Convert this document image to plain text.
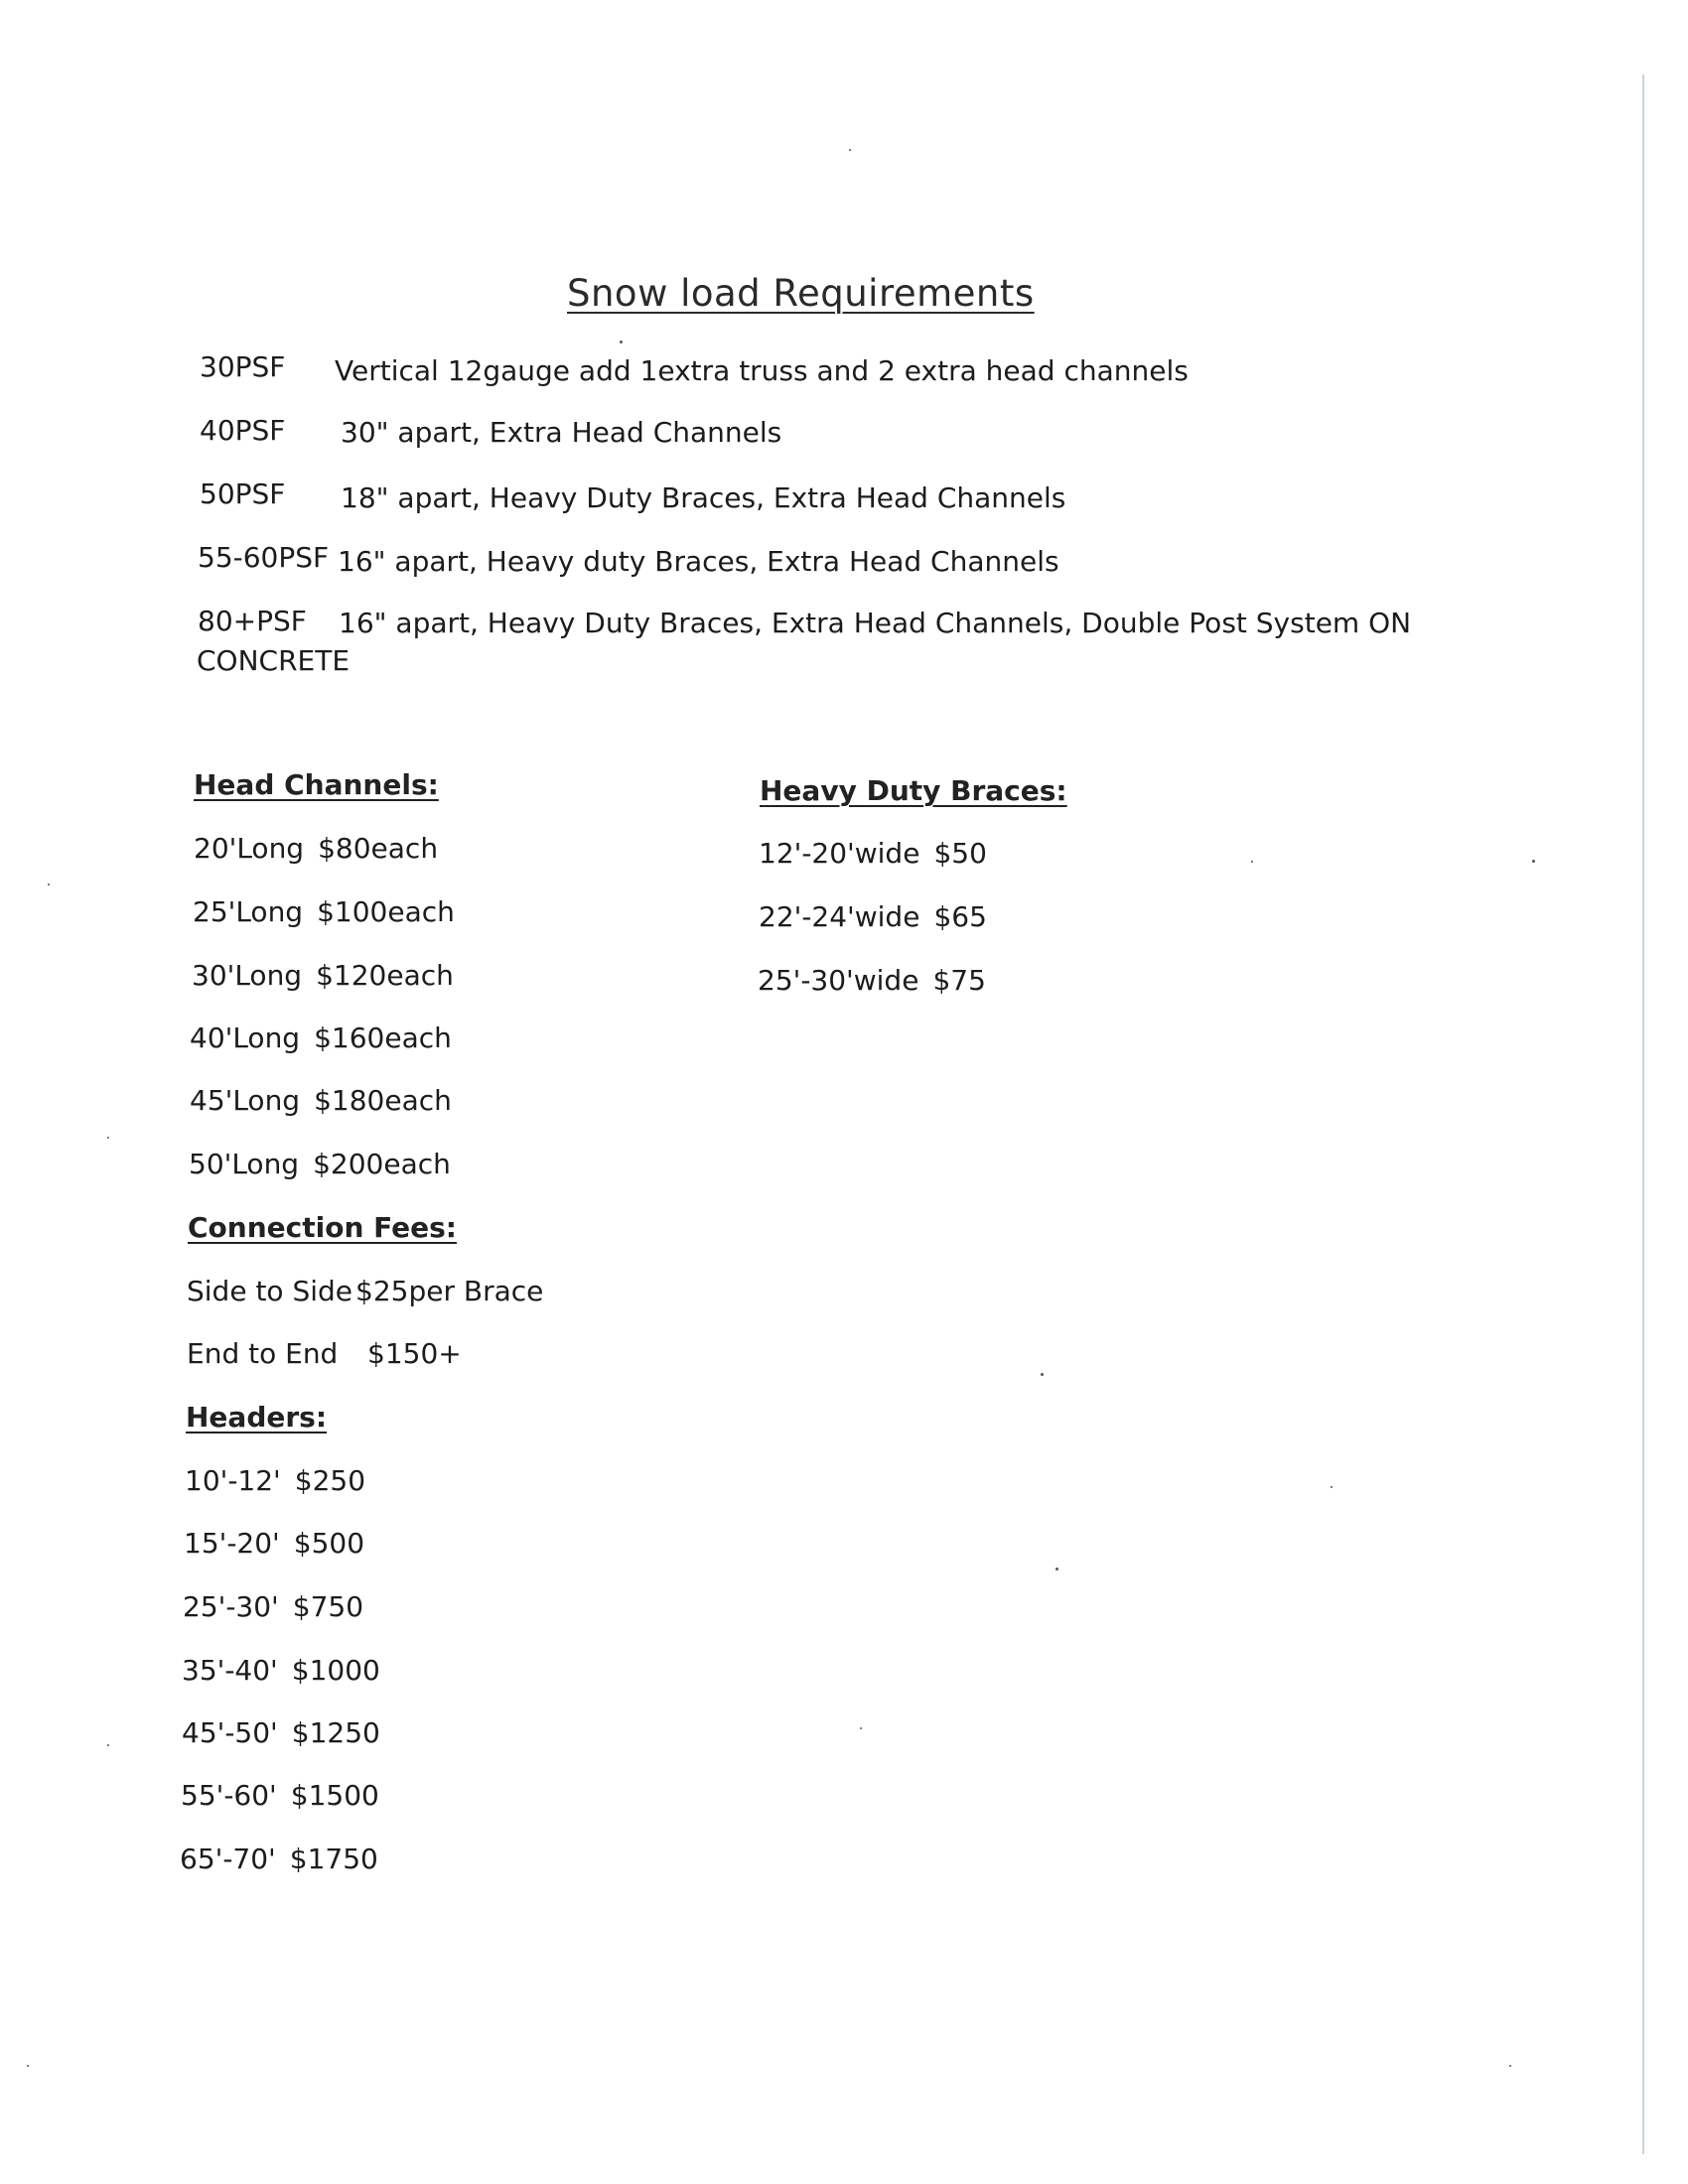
Snow load Requirements
30PSF Vertical 12gauge add 1extra truss and 2 extra head channels
40PSF 30" apart, Extra Head Channels
50PSF 18" apart, Heavy Duty Braces, Extra Head Channels
55-60PSF 16" apart, Heavy duty Braces, Extra Head Channels
80+PSF 16" apart, Heavy Duty Braces, Extra Head Channels, Double Post System ON
CONCRETE
Head Channels:
20'Long $80each
25'Long $100each
30'Long $120each
40'Long $160each
45'Long $180each
50'Long $200each
Heavy Duty Braces:
12'-20'wide $50
22'-24'wide $65
25'-30'wide $75
Connection Fees:
Side to Side $25per Brace
End to End $150+
Headers:
10'-12' $250
15'-20' $500
25'-30' $750
35'-40' $1000
45'-50' $1250
55'-60' $1500
65'-70' $1750
